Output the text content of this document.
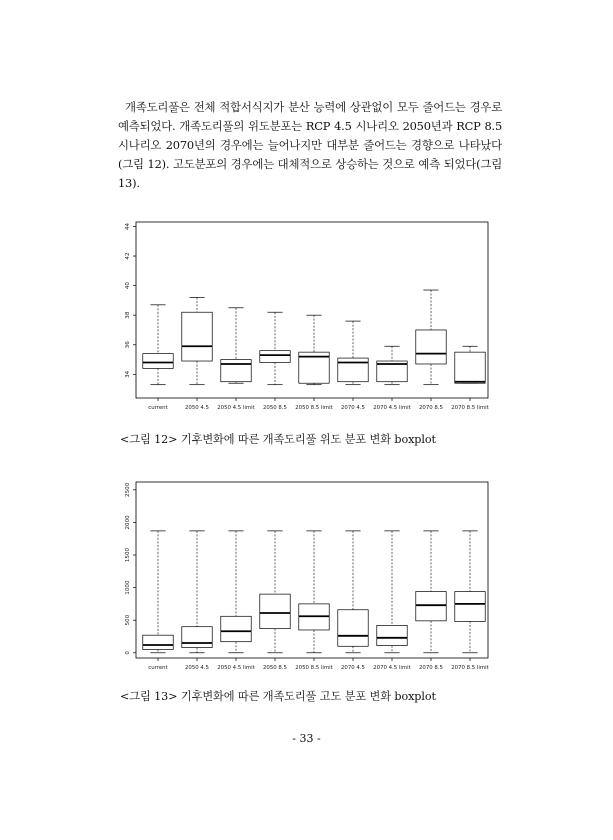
개족도리풀은 전체 적합서식지가 분산 능력에 상관없이 모두 줄어드는 경우로 예측되었다. 개족도리풀의 위도분포는 RCP 4.5 시나리오 2050년과 RCP 8.5 시나리오 2070년의 경우에는 늘어나지만 대부분 줄어드는 경향으로 나타났다(그림 12). 고도분포의 경우에는 대체적으로 상승하는 것으로 예측 되었다(그림 13).

34
36
38
40
42
44
current	2050 4.5 2050 4.5 limit 2050 8.5 2050 8.5 limit 2070 4.5 2070 4.5 limit 2070 8.5 2070 8.5 limit
<그림 12> 기후변화에 따른 개족도리풀 위도 분포 변화 boxplot
0
500
1000
1500
2000
2500
current	2050 4.5 2050 4.5 limit 2050 8.5 2050 8.5 limit 2070 4.5 2070 4.5 limit 2070 8.5 2070 8.5 limit
<그림 13> 기후변화에 따른 개족도리풀 고도 분포 변화 boxplot
- 33 -
